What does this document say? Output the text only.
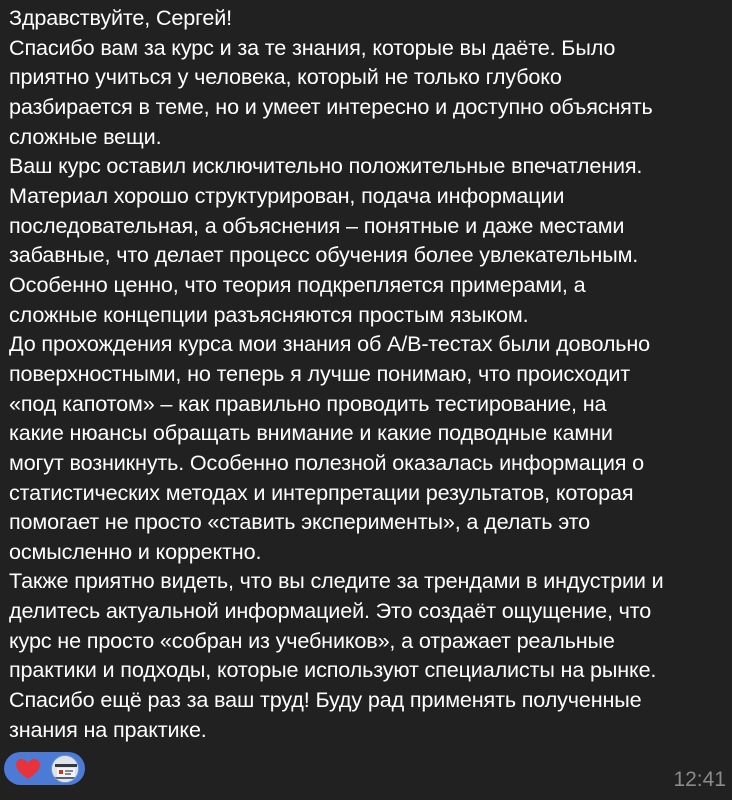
Здравствуйте, Сергей!
Спасибо вам за курс и за те знания, которые вы даёте. Было
приятно учиться у человека, который не только глубоко
разбирается в теме, но и умеет интересно и доступно объяснять
сложные вещи.
Ваш курс оставил исключительно положительные впечатления.
Материал хорошо структурирован, подача информации
последовательная, а объяснения – понятные и даже местами
забавные, что делает процесс обучения более увлекательным.
Особенно ценно, что теория подкрепляется примерами, а
сложные концепции разъясняются простым языком.
До прохождения курса мои знания об A/B-тестах были довольно
поверхностными, но теперь я лучше понимаю, что происходит
«под капотом» – как правильно проводить тестирование, на
какие нюансы обращать внимание и какие подводные камни
могут возникнуть. Особенно полезной оказалась информация о
статистических методах и интерпретации результатов, которая
помогает не просто «ставить эксперименты», а делать это
осмысленно и корректно.
Также приятно видеть, что вы следите за трендами в индустрии и
делитесь актуальной информацией. Это создаёт ощущение, что
курс не просто «собран из учебников», а отражает реальные
практики и подходы, которые используют специалисты на рынке.
Спасибо ещё раз за ваш труд! Буду рад применять полученные
знания на практике.
12:41
